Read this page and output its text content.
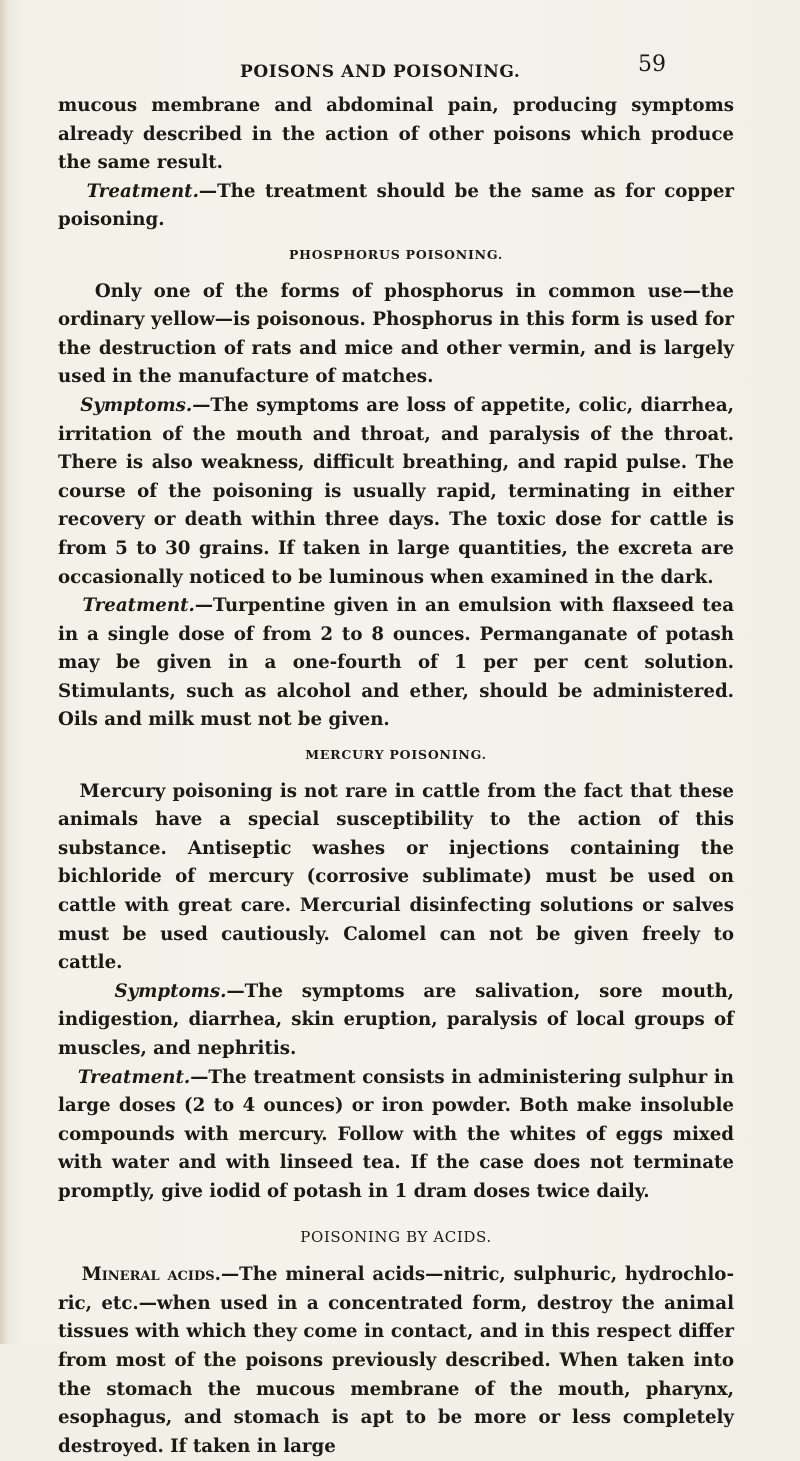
POISONS AND POISONING.	59

mucous membrane and abdominal pain, producing symptoms already described in the action of other poisons which produce the same result.

Treatment.—The treatment should be the same as for copper poisoning.

PHOSPHORUS POISONING.

Only one of the forms of phosphorus in common use—the ordinary yellow—is poisonous. Phosphorus in this form is used for the destruction of rats and mice and other vermin, and is largely used in the manufacture of matches.

Symptoms.—The symptoms are loss of appetite, colic, diarrhea, irritation of the mouth and throat, and paralysis of the throat. There is also weakness, difficult breathing, and rapid pulse. The course of the poisoning is usually rapid, terminating in either recovery or death within three days. The toxic dose for cattle is from 5 to 30 grains. If taken in large quantities, the excreta are occasionally noticed to be luminous when examined in the dark.

Treatment.—Turpentine given in an emulsion with flaxseed tea in a single dose of from 2 to 8 ounces. Permanganate of potash may be given in a one-fourth of 1 per per cent solution. Stimulants, such as alcohol and ether, should be administered. Oils and milk must not be given.

MERCURY POISONING.

Mercury poisoning is not rare in cattle from the fact that these animals have a special susceptibility to the action of this substance. Antiseptic washes or injections containing the bichloride of mercury (corrosive sublimate) must be used on cattle with great care. Mercurial disinfecting solutions or salves must be used cautiously. Calomel can not be given freely to cattle.

Symptoms.—The symptoms are salivation, sore mouth, indigestion, diarrhea, skin eruption, paralysis of local groups of muscles, and nephritis.

Treatment.—The treatment consists in administering sulphur in large doses (2 to 4 ounces) or iron powder. Both make insoluble compounds with mercury. Follow with the whites of eggs mixed with water and with linseed tea. If the case does not terminate promptly, give iodid of potash in 1 dram doses twice daily.

POISONING BY ACIDS.

Mineral acids.—The mineral acids—nitric, sulphuric, hydrochloric, etc.—when used in a concentrated form, destroy the animal tissues with which they come in contact, and in this respect differ from most of the poisons previously described. When taken into the stomach the mucous membrane of the mouth, pharynx, esophagus, and stomach is apt to be more or less completely destroyed. If taken in large
